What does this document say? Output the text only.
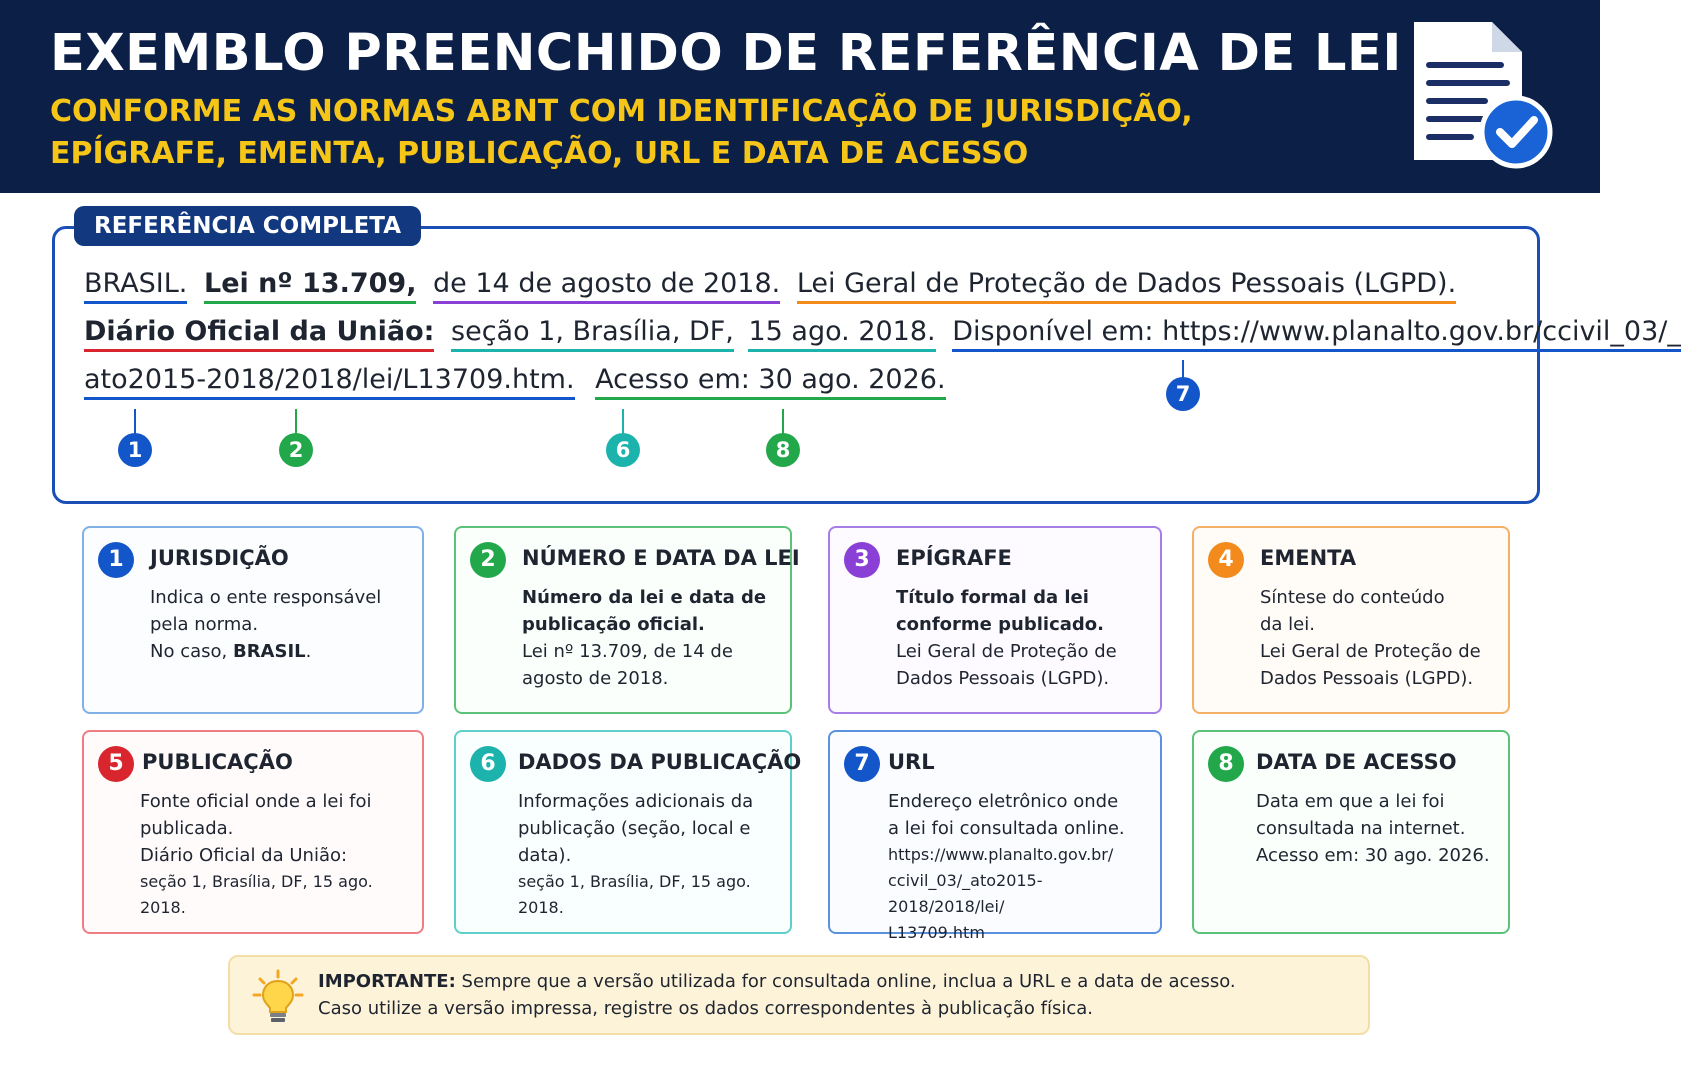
EXEMBLO PREENCHIDO DE REFERÊNCIA DE LEI
CONFORME AS NORMAS ABNT COM IDENTIFICAÇÃO DE JURISDIÇÃO,
EPÍGRAFE, EMENTA, PUBLICAÇÃO, URL E DATA DE ACESSO
REFERÊNCIA COMPLETA
BRASIL. Lei nº 13.709, de 14 de agosto de 2018. Lei Geral de Proteção de Dados Pessoais (LGPD).
Diário Oficial da União: seção 1, Brasília, DF, 15 ago. 2018. Disponível em: https://www.planalto.gov.br/ccivil_03/_
ato2015-2018/2018/lei/L13709.htm. Acesso em: 30 ago. 2026.
1	2	6	8
7
1	JURISDIÇÃO
Indica o ente responsável
pela norma.
No caso, BRASIL.
2	NÚMERO E DATA DA LEI
Número da lei e data de
publicação oficial.
Lei nº 13.709, de 14 de
agosto de 2018.
3	EPÍGRAFE
Título formal da lei
conforme publicado.
Lei Geral de Proteção de
Dados Pessoais (LGPD).
4	EMENTA
Síntese do conteúdo
da lei.
Lei Geral de Proteção de
Dados Pessoais (LGPD).
5 PUBLICAÇÃO
Fonte oficial onde a lei foi
publicada.
Diário Oficial da União:
seção 1, Brasília, DF, 15 ago. 2018.
6	DADOS DA PUBLICAÇÃO
Informações adicionais da
publicação (seção, local e
data).
seção 1, Brasília, DF, 15 ago. 2018.
7 URL
Endereço eletrônico onde
a lei foi consultada online.
https://www.planalto.gov.br/
ccivil_03/_ato2015-2018/2018/lei/
L13709.htm
8	DATA DE ACESSO
Data em que a lei foi
consultada na internet.
Acesso em: 30 ago. 2026.
IMPORTANTE: Sempre que a versão utilizada for consultada online, inclua a URL e a data de acesso.
Caso utilize a versão impressa, registre os dados correspondentes à publicação física.
